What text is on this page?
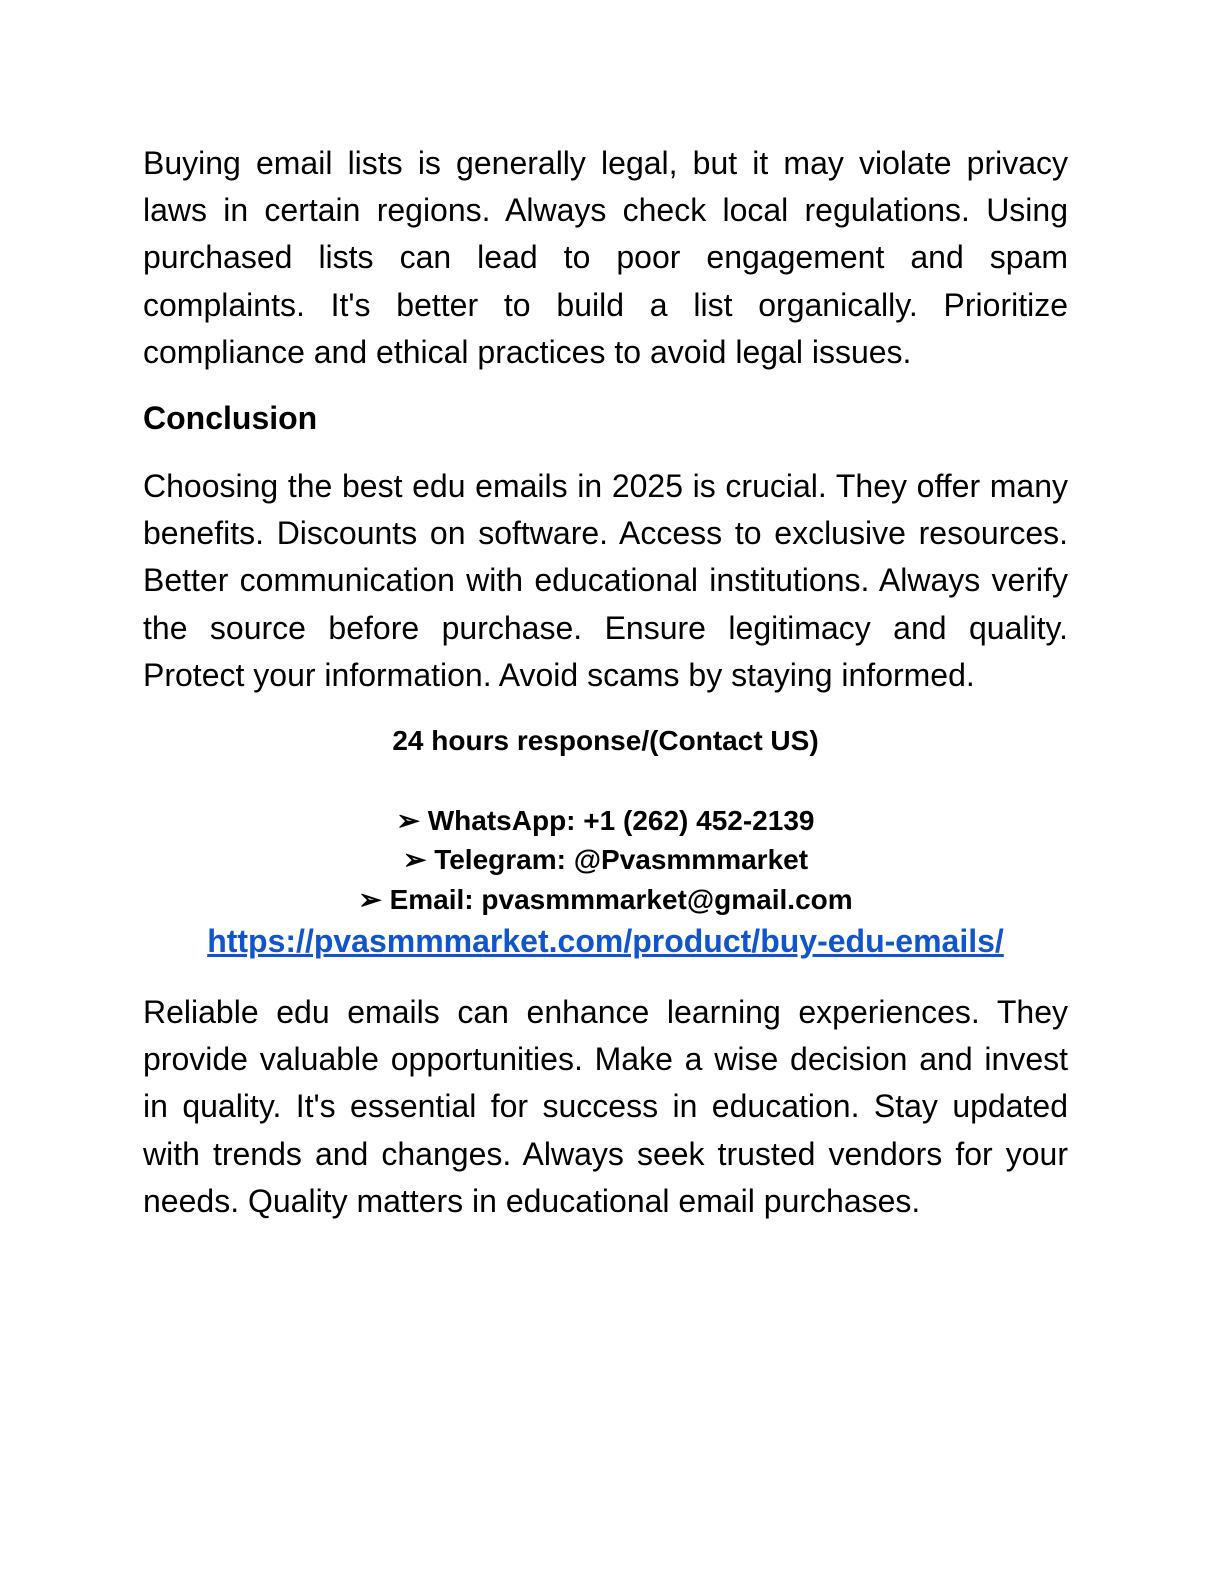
Buying email lists is generally legal, but it may violate privacy laws in certain regions. Always check local regulations. Using purchased lists can lead to poor engagement and spam complaints. It's better to build a list organically. Prioritize compliance and ethical practices to avoid legal issues.

Conclusion

Choosing the best edu emails in 2025 is crucial. They offer many benefits. Discounts on software. Access to exclusive resources. Better communication with educational institutions. Always verify the source before purchase. Ensure legitimacy and quality. Protect your information. Avoid scams by staying informed.

24 hours response/(Contact US)

➢ WhatsApp: +1 (262) 452-2139

➢ Telegram: @Pvasmmmarket

➢ Email: pvasmmmarket@gmail.com

https://pvasmmmarket.com/product/buy-edu-emails/

Reliable edu emails can enhance learning experiences. They provide valuable opportunities. Make a wise decision and invest in quality. It's essential for success in education. Stay updated with trends and changes. Always seek trusted vendors for your needs. Quality matters in educational email purchases.
